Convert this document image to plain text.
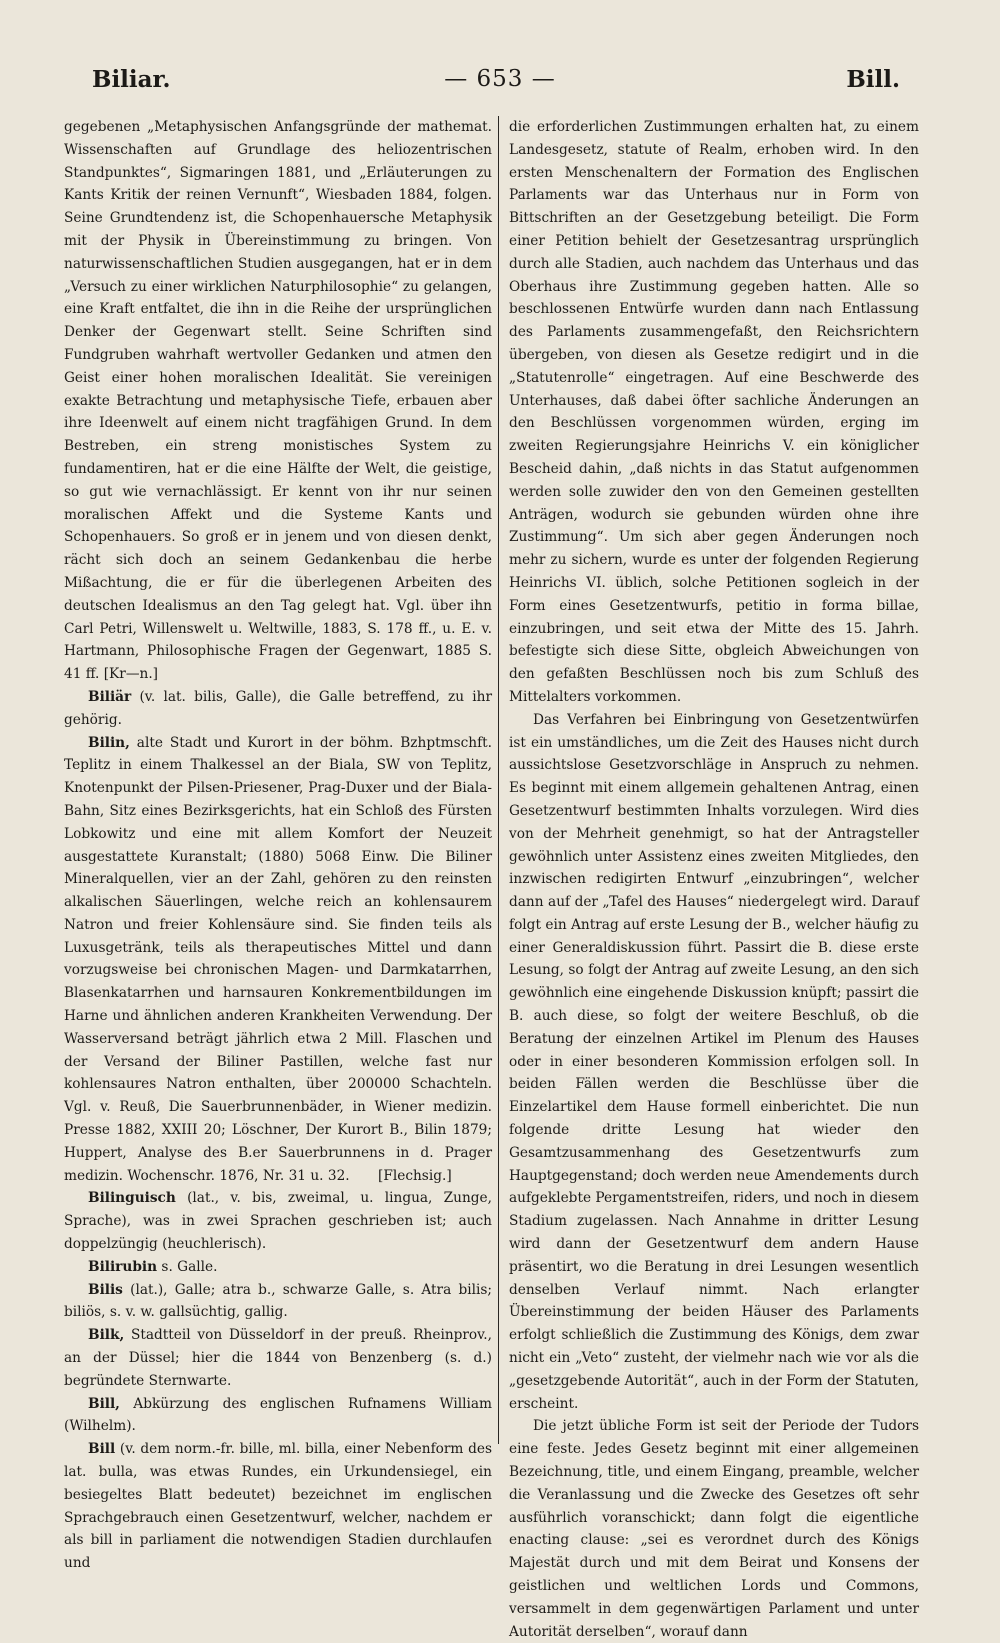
Biliar.	— 653 —	Bill.

gegebenen „Metaphysischen Anfangsgründe der mathemat. Wissenschaften auf Grundlage des heliozentrischen Standpunktes“, Sigmaringen 1881, und „Erläuterungen zu Kants Kritik der reinen Vernunft“, Wiesbaden 1884, folgen. Seine Grundtendenz ist, die Schopenhauersche Metaphysik mit der Physik in Übereinstimmung zu bringen. Von naturwissenschaftlichen Studien ausgegangen, hat er in dem „Versuch zu einer wirklichen Naturphilosophie“ zu gelangen, eine Kraft entfaltet, die ihn in die Reihe der ursprünglichen Denker der Gegenwart stellt. Seine Schriften sind Fundgruben wahrhaft wertvoller Gedanken und atmen den Geist einer hohen moralischen Idealität. Sie vereinigen exakte Betrachtung und metaphysische Tiefe, erbauen aber ihre Ideenwelt auf einem nicht tragfähigen Grund. In dem Bestreben, ein streng monistisches System zu fundamentiren, hat er die eine Hälfte der Welt, die geistige, so gut wie vernachlässigt. Er kennt von ihr nur seinen moralischen Affekt und die Systeme Kants und Schopenhauers. So groß er in jenem und von diesen denkt, rächt sich doch an seinem Gedankenbau die herbe Mißachtung, die er für die überlegenen Arbeiten des deutschen Idealismus an den Tag gelegt hat. Vgl. über ihn Carl Petri, Willenswelt u. Weltwille, 1883, S. 178 ff., u. E. v. Hartmann, Philosophische Fragen der Gegenwart, 1885 S. 41 ff. [Kr—n.]

Biliär (v. lat. bilis, Galle), die Galle betreffend, zu ihr gehörig.

Bilin, alte Stadt und Kurort in der böhm. Bzhptmschft. Teplitz in einem Thalkessel an der Biala, SW von Teplitz, Knotenpunkt der Pilsen-Priesener, Prag-Duxer und der Biala-Bahn, Sitz eines Bezirksgerichts, hat ein Schloß des Fürsten Lobkowitz und eine mit allem Komfort der Neuzeit ausgestattete Kuranstalt; (1880) 5068 Einw. Die Biliner Mineralquellen, vier an der Zahl, gehören zu den reinsten alkalischen Säuerlingen, welche reich an kohlensaurem Natron und freier Kohlensäure sind. Sie finden teils als Luxusgetränk, teils als therapeutisches Mittel und dann vorzugsweise bei chronischen Magen- und Darmkatarrhen, Blasenkatarrhen und harnsauren Konkrementbildungen im Harne und ähnlichen anderen Krankheiten Verwendung. Der Wasserversand beträgt jährlich etwa 2 Mill. Flaschen und der Versand der Biliner Pastillen, welche fast nur kohlensaures Natron enthalten, über 200000 Schachteln. Vgl. v. Reuß, Die Sauerbrunnenbäder, in Wiener medizin. Presse 1882, XXIII 20; Löschner, Der Kurort B., Bilin 1879; Huppert, Analyse des B.er Sauerbrunnens in d. Prager medizin. Wochenschr. 1876, Nr. 31 u. 32. [Flechsig.]

Bilinguisch (lat., v. bis, zweimal, u. lingua, Zunge, Sprache), was in zwei Sprachen geschrieben ist; auch doppelzüngig (heuchlerisch).

Bilirubin s. Galle.

Bilis (lat.), Galle; atra b., schwarze Galle, s. Atra bilis; biliös, s. v. w. gallsüchtig, gallig.

Bilk, Stadtteil von Düsseldorf in der preuß. Rheinprov., an der Düssel; hier die 1844 von Benzenberg (s. d.) begründete Sternwarte.

Bill, Abkürzung des englischen Rufnamens William (Wilhelm).

Bill (v. dem norm.-fr. bille, ml. billa, einer Nebenform des lat. bulla, was etwas Rundes, ein Urkundensiegel, ein besiegeltes Blatt bedeutet) bezeichnet im englischen Sprachgebrauch einen Gesetzentwurf, welcher, nachdem er als bill in parliament die notwendigen Stadien durchlaufen und

die erforderlichen Zustimmungen erhalten hat, zu einem Landesgesetz, statute of Realm, erhoben wird. In den ersten Menschenaltern der Formation des Englischen Parlaments war das Unterhaus nur in Form von Bittschriften an der Gesetzgebung beteiligt. Die Form einer Petition behielt der Gesetzesantrag ursprünglich durch alle Stadien, auch nachdem das Unterhaus und das Oberhaus ihre Zustimmung gegeben hatten. Alle so beschlossenen Entwürfe wurden dann nach Entlassung des Parlaments zusammengefaßt, den Reichsrichtern übergeben, von diesen als Gesetze redigirt und in die „Statutenrolle“ eingetragen. Auf eine Beschwerde des Unterhauses, daß dabei öfter sachliche Änderungen an den Beschlüssen vorgenommen würden, erging im zweiten Regierungsjahre Heinrichs V. ein königlicher Bescheid dahin, „daß nichts in das Statut aufgenommen werden solle zuwider den von den Gemeinen gestellten Anträgen, wodurch sie gebunden würden ohne ihre Zustimmung“. Um sich aber gegen Änderungen noch mehr zu sichern, wurde es unter der folgenden Regierung Heinrichs VI. üblich, solche Petitionen sogleich in der Form eines Gesetzentwurfs, petitio in forma billae, einzubringen, und seit etwa der Mitte des 15. Jahrh. befestigte sich diese Sitte, obgleich Abweichungen von den gefaßten Beschlüssen noch bis zum Schluß des Mittelalters vorkommen.

Das Verfahren bei Einbringung von Gesetzentwürfen ist ein umständliches, um die Zeit des Hauses nicht durch aussichtslose Gesetzvorschläge in Anspruch zu nehmen. Es beginnt mit einem allgemein gehaltenen Antrag, einen Gesetzentwurf bestimmten Inhalts vorzulegen. Wird dies von der Mehrheit genehmigt, so hat der Antragsteller gewöhnlich unter Assistenz eines zweiten Mitgliedes, den inzwischen redigirten Entwurf „einzubringen“, welcher dann auf der „Tafel des Hauses“ niedergelegt wird. Darauf folgt ein Antrag auf erste Lesung der B., welcher häufig zu einer Generaldiskussion führt. Passirt die B. diese erste Lesung, so folgt der Antrag auf zweite Lesung, an den sich gewöhnlich eine eingehende Diskussion knüpft; passirt die B. auch diese, so folgt der weitere Beschluß, ob die Beratung der einzelnen Artikel im Plenum des Hauses oder in einer besonderen Kommission erfolgen soll. In beiden Fällen werden die Beschlüsse über die Einzelartikel dem Hause formell einberichtet. Die nun folgende dritte Lesung hat wieder den Gesamtzusammenhang des Gesetzentwurfs zum Hauptgegenstand; doch werden neue Amendements durch aufgeklebte Pergamentstreifen, riders, und noch in diesem Stadium zugelassen. Nach Annahme in dritter Lesung wird dann der Gesetzentwurf dem andern Hause präsentirt, wo die Beratung in drei Lesungen wesentlich denselben Verlauf nimmt. Nach erlangter Übereinstimmung der beiden Häuser des Parlaments erfolgt schließlich die Zustimmung des Königs, dem zwar nicht ein „Veto“ zusteht, der vielmehr nach wie vor als die „gesetzgebende Autorität“, auch in der Form der Statuten, erscheint.

Die jetzt übliche Form ist seit der Periode der Tudors eine feste. Jedes Gesetz beginnt mit einer allgemeinen Bezeichnung, title, und einem Eingang, preamble, welcher die Veranlassung und die Zwecke des Gesetzes oft sehr ausführlich voranschickt; dann folgt die eigentliche enacting clause: „sei es verordnet durch des Königs Majestät durch und mit dem Beirat und Konsens der geistlichen und weltlichen Lords und Commons, versammelt in dem gegenwärtigen Parlament und unter Autorität derselben“, worauf dann
